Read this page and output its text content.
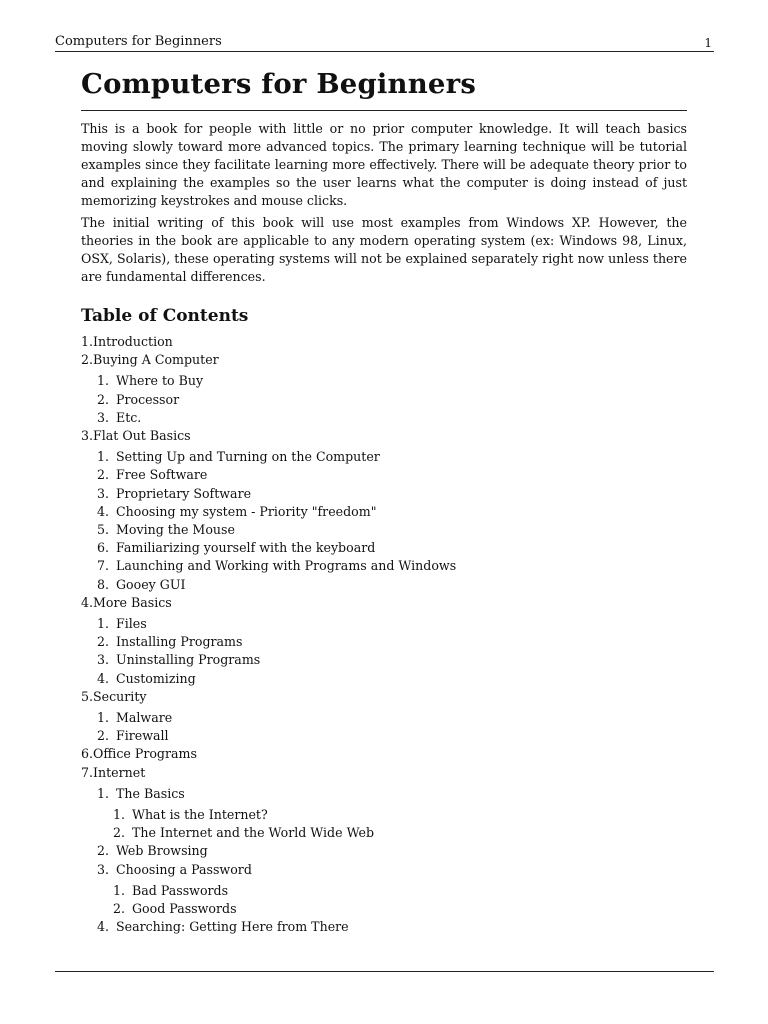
Computers for Beginners	1
Computers for Beginners

This is a book for people with little or no prior computer knowledge. It will teach basics moving slowly toward more advanced topics. The primary learning technique will be tutorial examples since they facilitate learning more effectively. There will be adequate theory prior to and explaining the examples so the user learns what the computer is doing instead of just memorizing keystrokes and mouse clicks.

The initial writing of this book will use most examples from Windows XP. However, the theories in the book are applicable to any modern operating system (ex: Windows 98, Linux, OSX, Solaris), these operating systems will not be explained separately right now unless there are fundamental differences.

Table of Contents
1.Introduction
2.Buying A Computer
1. Where to Buy
2. Processor
3. Etc.
3.Flat Out Basics
1. Setting Up and Turning on the Computer
2. Free Software
3. Proprietary Software
4. Choosing my system - Priority "freedom"
5. Moving the Mouse
6. Familiarizing yourself with the keyboard
7. Launching and Working with Programs and Windows
8. Gooey GUI
4.More Basics
1. Files
2. Installing Programs
3. Uninstalling Programs
4. Customizing
5.Security
1. Malware
2. Firewall
6.Office Programs
7.Internet
1. The Basics
1. What is the Internet?
2. The Internet and the World Wide Web
2. Web Browsing
3. Choosing a Password
1. Bad Passwords
2. Good Passwords
4. Searching: Getting Here from There
